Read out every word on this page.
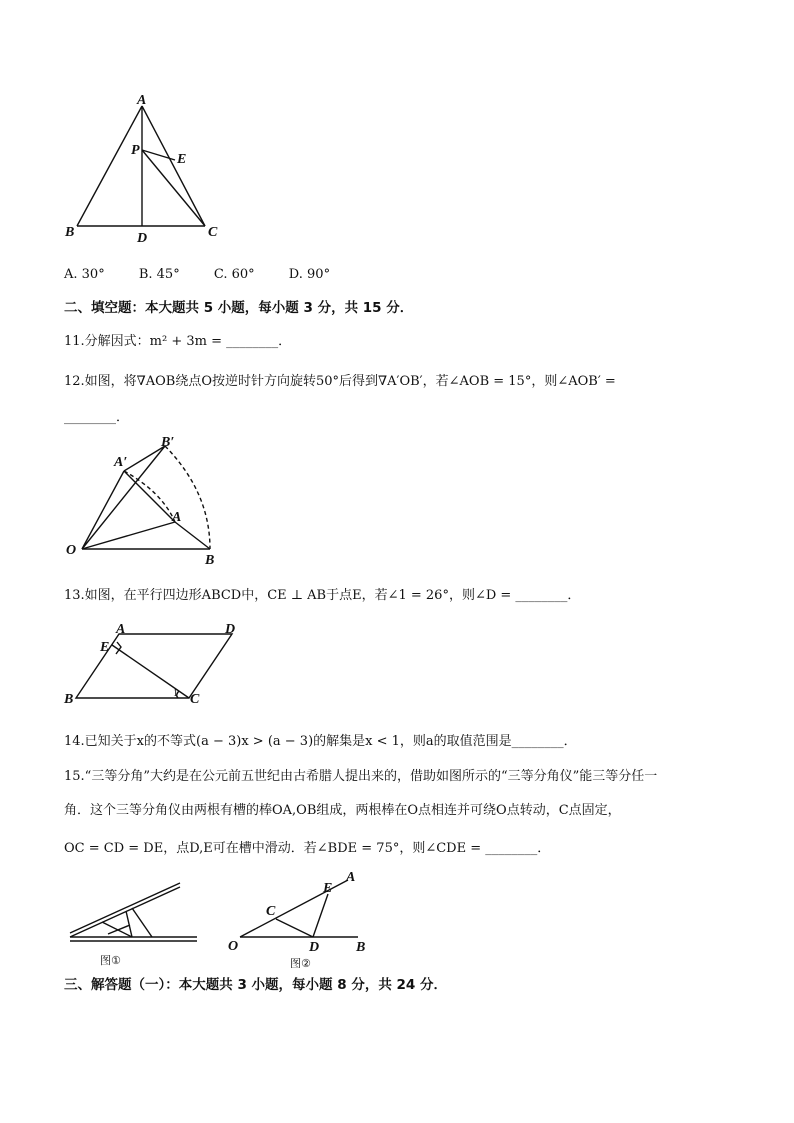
A
P
E
B	D	C
A. 30°	B. 45°	C. 60°	D. 90°
二、填空题：本大题共 5 小题，每小题 3 分，共 15 分．
11.分解因式：m² + 3m = ________．
12.如图，将∇AOB绕点O按逆时针方向旋转50°后得到∇A′OB′，若∠AOB = 15°，则∠AOB′ =
________．
A′
B′
A
O
B
13.如图，在平行四边形ABCD中，CE ⊥ AB于点E，若∠1 = 26°，则∠D = ________．
A	D
E
B	C
1
14.已知关于x的不等式(a − 3)x > (a − 3)的解集是x < 1，则a的取值范围是________．
15.“三等分角”大约是在公元前五世纪由古希腊人提出来的，借助如图所示的“三等分角仪”能三等分任一
角．这个三等分角仪由两根有槽的棒OA,OB组成，两根棒在O点相连并可绕O点转动，C点固定，
OC = CD = DE，点D,E可在槽中滑动．若∠BDE = 75°，则∠CDE = ________．
图①
A
E
C
O	D	B
图②
三、解答题（一）：本大题共 3 小题，每小题 8 分，共 24 分．
